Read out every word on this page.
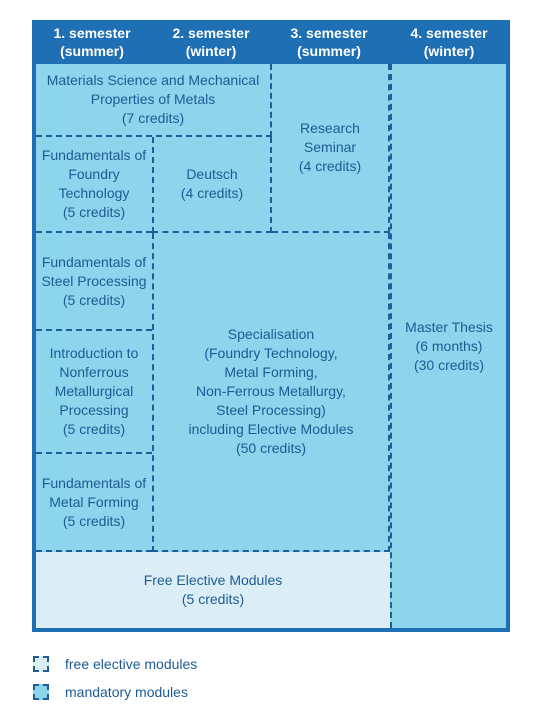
1. semester
(summer)
2. semester
(winter)
3. semester
(summer)
4. semester
(winter)
Materials Science and Mechanical
Properties of Metals
(7 credits)
Research
Seminar
(4 credits)
Fundamentals of
Foundry
Technology
(5 credits)
Deutsch
(4 credits)
Fundamentals of
Steel Processing
(5 credits)
Specialisation
(Foundry Technology,
Metal Forming,
Non-Ferrous Metallurgy,
Steel Processing)
including Elective Modules
(50 credits)
Introduction to
Nonferrous
Metallurgical
Processing
(5 credits)
Fundamentals of
Metal Forming
(5 credits)
Free Elective Modules
(5 credits)
Master Thesis
(6 months)
(30 credits)
free elective modules
mandatory modules
